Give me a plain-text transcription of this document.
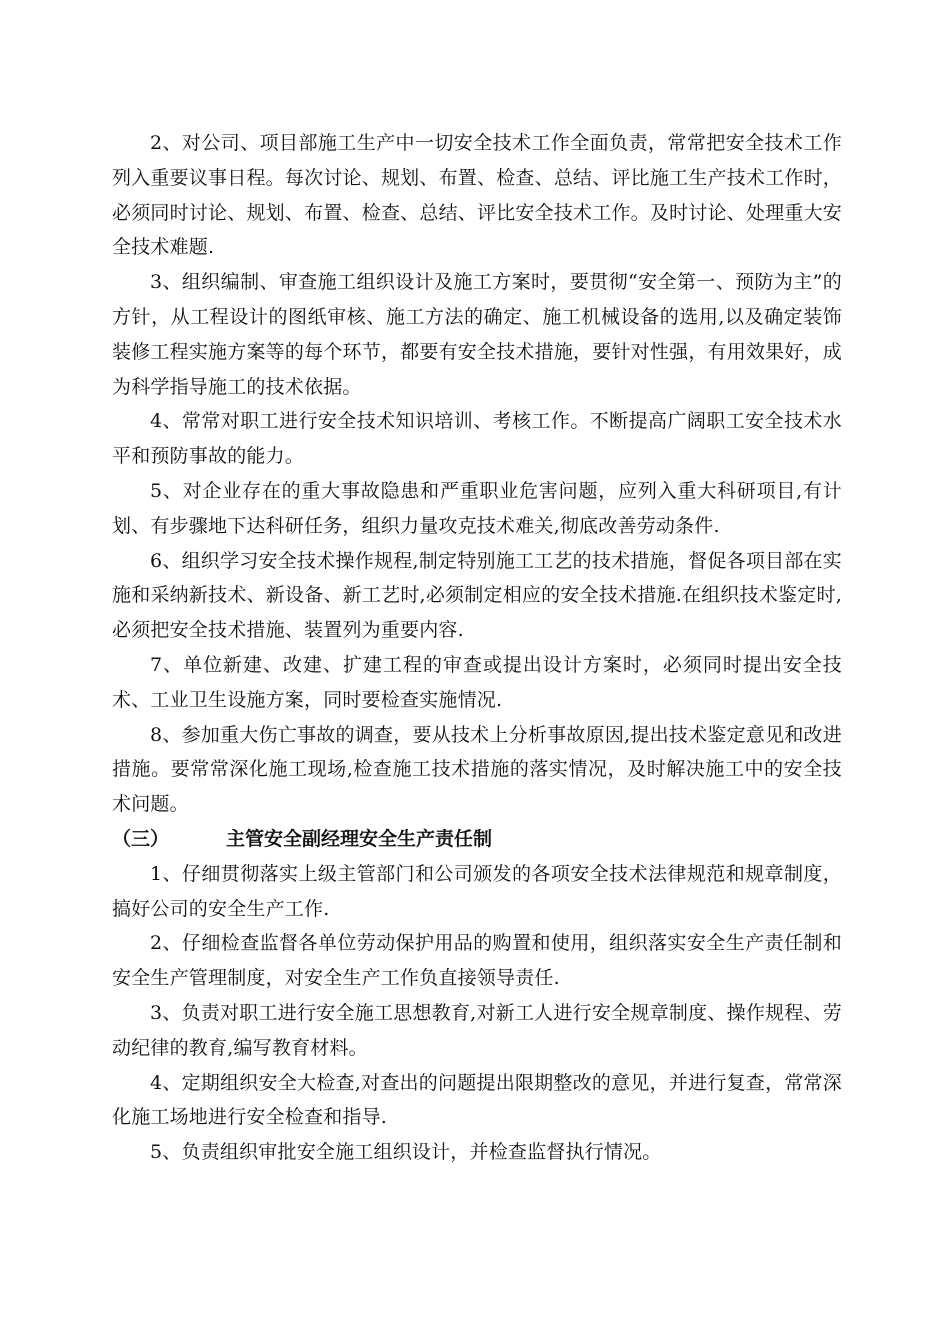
2、对公司、项目部施工生产中一切安全技术工作全面负责，常常把安全技术工作列入重要议事日程。每次讨论、规划、布置、检查、总结、评比施工生产技术工作时，必须同时讨论、规划、布置、检查、总结、评比安全技术工作。及时讨论、处理重大安全技术难题.

3、组织编制、审查施工组织设计及施工方案时，要贯彻“安全第一、预防为主”的方针，从工程设计的图纸审核、施工方法的确定、施工机械设备的选用,以及确定装饰装修工程实施方案等的每个环节，都要有安全技术措施，要针对性强，有用效果好，成为科学指导施工的技术依据。

4、常常对职工进行安全技术知识培训、考核工作。不断提高广阔职工安全技术水平和预防事故的能力。

5、对企业存在的重大事故隐患和严重职业危害问题，应列入重大科研项目,有计划、有步骤地下达科研任务，组织力量攻克技术难关,彻底改善劳动条件.

6、组织学习安全技术操作规程,制定特别施工工艺的技术措施，督促各项目部在实施和采纳新技术、新设备、新工艺时,必须制定相应的安全技术措施.在组织技术鉴定时,必须把安全技术措施、装置列为重要内容.

7、单位新建、改建、扩建工程的审查或提出设计方案时，必须同时提出安全技术、工业卫生设施方案，同时要检查实施情况.

8、参加重大伤亡事故的调查，要从技术上分析事故原因,提出技术鉴定意见和改进措施。要常常深化施工现场,检查施工技术措施的落实情况，及时解决施工中的安全技术问题。

（三）	主管安全副经理安全生产责任制

1、仔细贯彻落实上级主管部门和公司颁发的各项安全技术法律规范和规章制度，搞好公司的安全生产工作.

2、仔细检查监督各单位劳动保护用品的购置和使用，组织落实安全生产责任制和安全生产管理制度，对安全生产工作负直接领导责任.

3、负责对职工进行安全施工思想教育,对新工人进行安全规章制度、操作规程、劳动纪律的教育,编写教育材料。

4、定期组织安全大检查,对查出的问题提出限期整改的意见，并进行复查，常常深化施工场地进行安全检查和指导.

5、负责组织审批安全施工组织设计，并检查监督执行情况。
